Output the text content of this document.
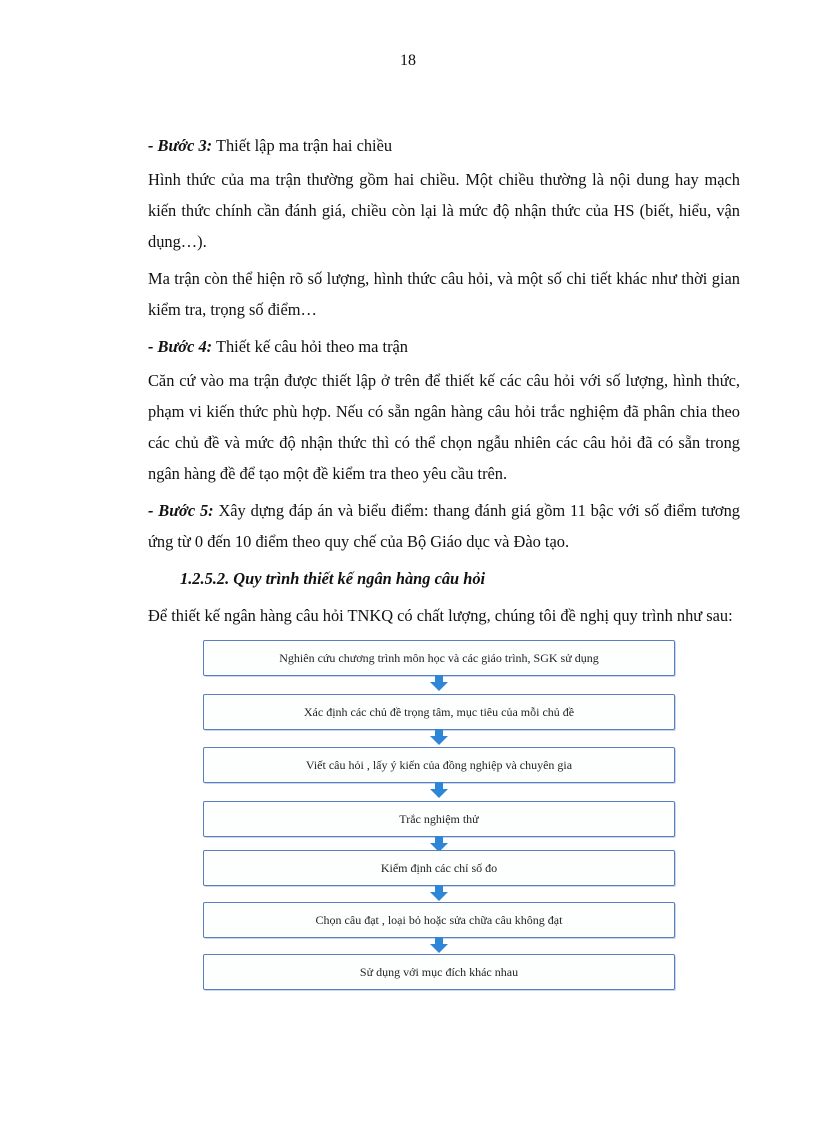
18

- Bước 3: Thiết lập ma trận hai chiều

Hình thức của ma trận thường gồm hai chiều. Một chiều thường là nội dung hay mạch kiến thức chính cần đánh giá, chiều còn lại là mức độ nhận thức của HS (biết, hiểu, vận dụng…).

Ma trận còn thể hiện rõ số lượng, hình thức câu hỏi, và một số chi tiết khác như thời gian kiểm tra, trọng số điểm…

- Bước 4: Thiết kế câu hỏi theo ma trận

Căn cứ vào ma trận được thiết lập ở trên để thiết kế các câu hỏi với số lượng, hình thức, phạm vi kiến thức phù hợp. Nếu có sẵn ngân hàng câu hỏi trắc nghiệm đã phân chia theo các chủ đề và mức độ nhận thức thì có thể chọn ngẫu nhiên các câu hỏi đã có sẵn trong ngân hàng đề để tạo một đề kiểm tra theo yêu cầu trên.

- Bước 5: Xây dựng đáp án và biểu điểm: thang đánh giá gồm 11 bậc với số điểm tương ứng từ 0 đến 10 điểm theo quy chế của Bộ Giáo dục và Đào tạo.

1.2.5.2. Quy trình thiết kế ngân hàng câu hỏi

Để thiết kế ngân hàng câu hỏi TNKQ có chất lượng, chúng tôi đề nghị quy trình như sau:

Nghiên cứu chương trình môn học và các giáo trình, SGK sử dụng
Xác định các chủ đề trọng tâm, mục tiêu của mỗi chủ đề
Viết câu hỏi , lấy ý kiến của đồng nghiệp và chuyên gia
Trắc nghiệm thử
Kiểm định các chỉ số đo
Chọn câu đạt , loại bỏ hoặc sửa chữa câu không đạt
Sử dụng với mục đích khác nhau
